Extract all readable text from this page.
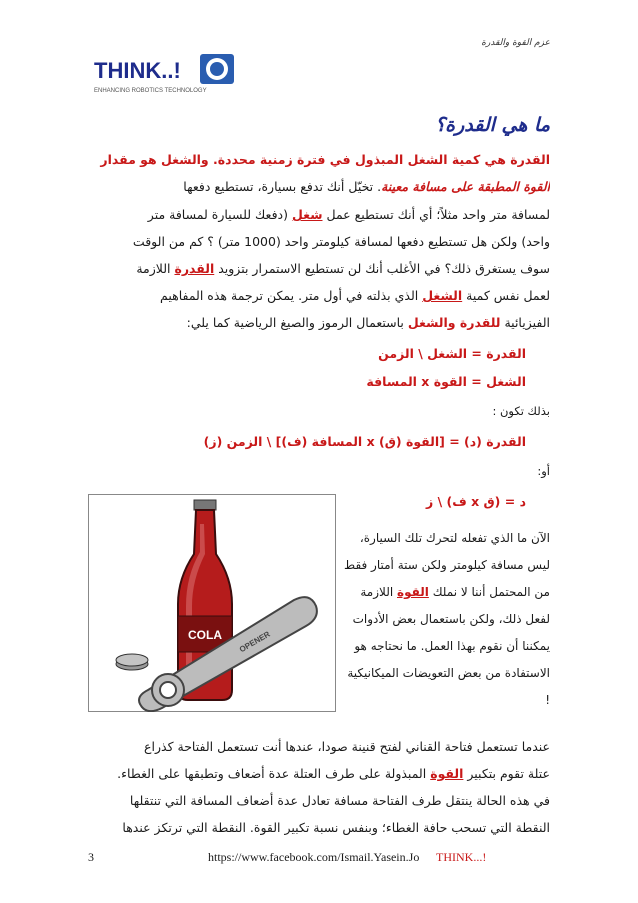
عزم القوة والقدرة
THINK..!
ENHANCING ROBOTICS TECHNOLOGY
ما هي القدرة؟
القدرة هي كمية الشغل المبذول في فترة زمنية محددة. والشغل هو مقدار
القوة المطبقة على مسافة معينة. تخيّل أنك تدفع بسيارة، تستطيع دفعها
لمسافة متر واحد مثلاً؛ أي أنك تستطيع عمل شغل (دفعك للسيارة لمسافة متر
واحد) ولكن هل تستطيع دفعها لمسافة كيلومتر واحد (1000 متر) ؟ كم من الوقت
سوف يستغرق ذلك؟ في الأغلب أنك لن تستطيع الاستمرار بتزويد القدرة اللازمة
لعمل نفس كمية الشغل الذي بذلته في أول متر. يمكن ترجمة هذه المفاهيم
الفيزيائية للقدرة والشغل باستعمال الرموز والصيغ الرياضية كما يلي:
القدرة = الشغل \ الزمن
الشغل = القوة x المسافة
بذلك تكون :
القدرة (د) = [القوة (ق) x المسافة (ف)] \ الزمن (ز)
أو:
د = (ق x ف) \ ز
الآن ما الذي تفعله لتحرك تلك السيارة،
ليس مسافة كيلومتر ولكن ستة أمتار فقط
من المحتمل أننا لا نملك القوة اللازمة
لفعل ذلك، ولكن باستعمال بعض الأدوات
يمكننا أن نقوم بهذا العمل. ما نحتاجه هو
الاستفادة من بعض التعويضات الميكانيكية
!
COLA OPENER
عندما تستعمل فتاحة القناني لفتح قنينة صودا، عندها أنت تستعمل الفتاحة كذراع
عتلة تقوم بتكبير القوة المبذولة على طرف العتلة عدة أضعاف وتطبقها على الغطاء.
في هذه الحالة ينتقل طرف الفتاحة مسافة تعادل عدة أضعاف المسافة التي تنتقلها
النقطة التي تسحب حافة الغطاء؛ وبنفس نسبة تكبير القوة. النقطة التي ترتكز عندها
3	https://www.facebook.com/Ismail.Yasein.Jo THINK...!
